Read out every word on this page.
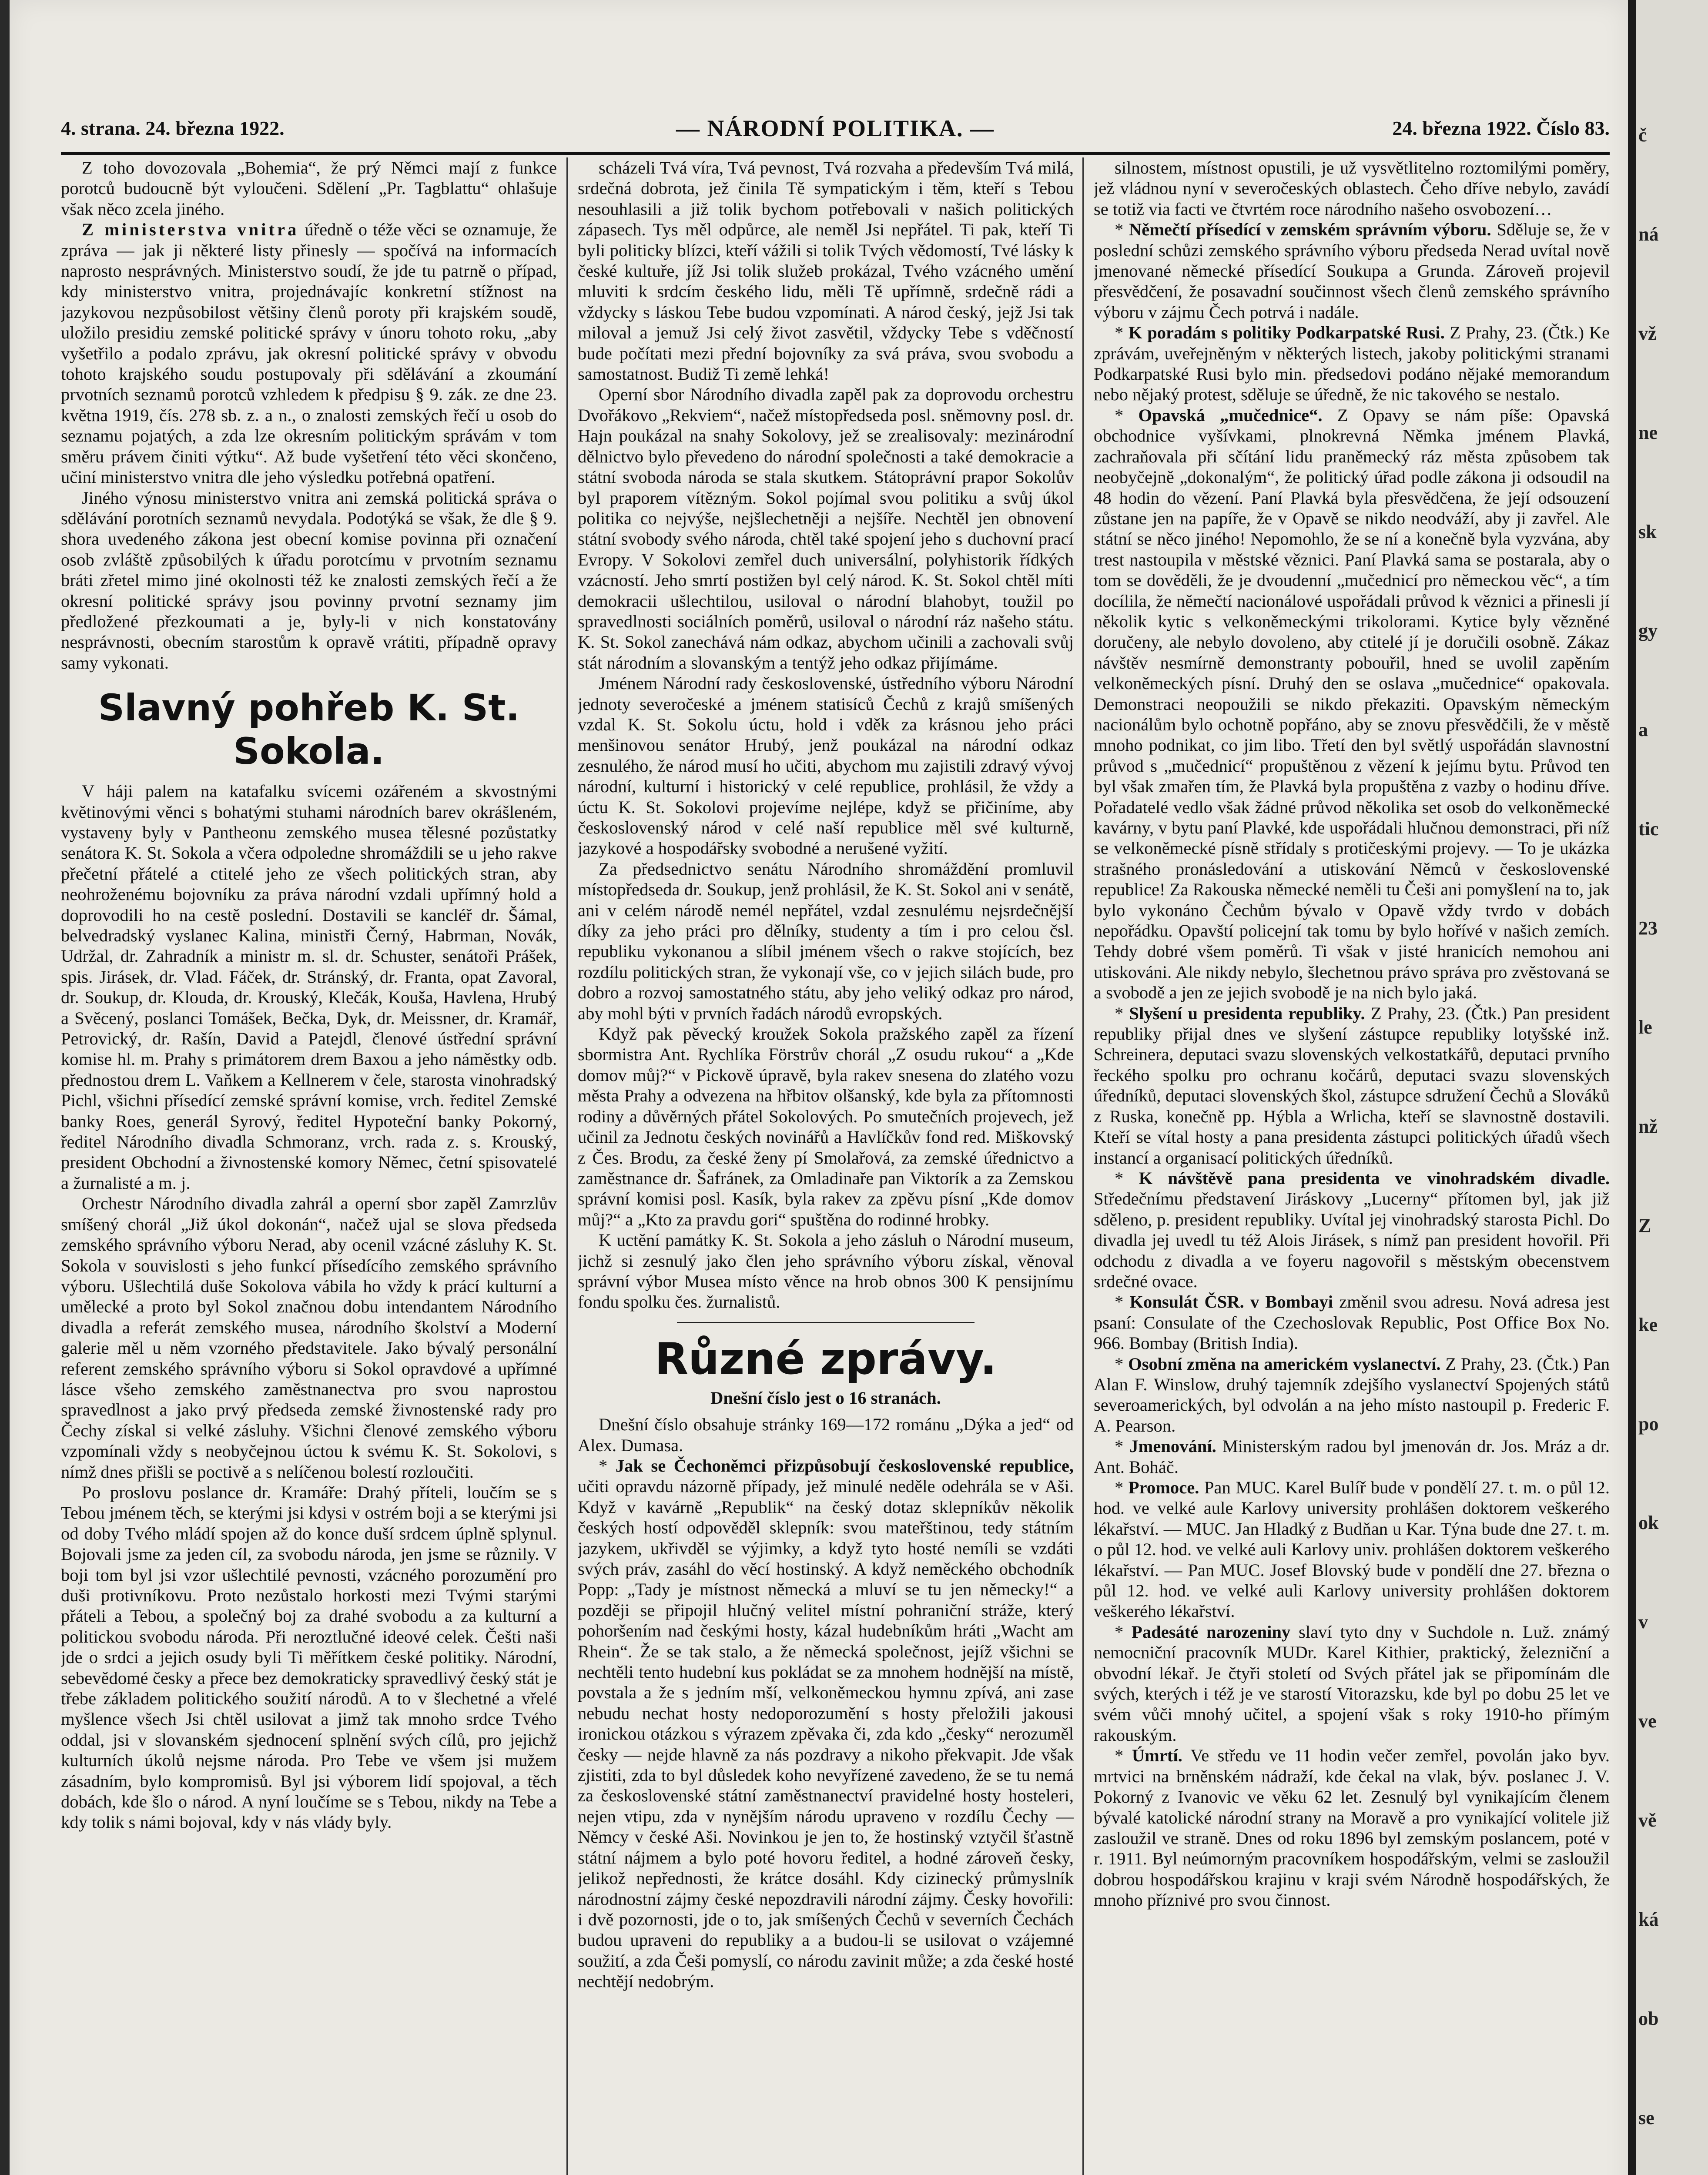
4. strana. 24. března 1922.	— NÁRODNÍ POLITIKA. —	24. března 1922. Číslo 83.

Z toho dovozovala „Bohemia“, že prý Němci mají z funkce porotců budoucně být vyloučeni. Sdělení „Pr. Tagblattu“ ohlašuje však něco zcela jiného.

Z ministerstva vnitra úředně o téže věci se oznamuje, že zpráva — jak ji některé listy přinesly — spočívá na informacích naprosto nesprávných. Ministerstvo soudí, že jde tu patrně o případ, kdy ministerstvo vnitra, projednávajíc konkretní stížnost na jazykovou nezpůsobilost většiny členů poroty při krajském soudě, uložilo presidiu zemské politické správy v únoru tohoto roku, „aby vyšetřilo a podalo zprávu, jak okresní politické správy v obvodu tohoto krajského soudu postupovaly při sdělávání a zkoumání prvotních seznamů porotců vzhledem k předpisu § 9. zák. ze dne 23. května 1919, čís. 278 sb. z. a n., o znalosti zemských řečí u osob do seznamu pojatých, a zda lze okresním politickým správám v tom směru právem činiti výtku“. Až bude vyšetření této věci skončeno, učiní ministerstvo vnitra dle jeho výsledku potřebná opatření.

Jiného výnosu ministerstvo vnitra ani zemská politická správa o sdělávání porotních seznamů nevydala. Podotýká se však, že dle § 9. shora uvedeného zákona jest obecní komise povinna při označení osob zvláště způsobilých k úřadu porotcímu v prvotním seznamu bráti zřetel mimo jiné okolnosti též ke znalosti zemských řečí a že okresní politické správy jsou povinny prvotní seznamy jim předložené přezkoumati a je, byly-li v nich konstatovány nesprávnosti, obecním starostům k opravě vrátiti, případně opravy samy vykonati.

Slavný pohřeb K. St. Sokola.

V háji palem na katafalku svícemi ozářeném a skvostnými květinovými věnci s bohatými stuhami národních barev okrášleném, vystaveny byly v Pantheonu zemského musea tělesné pozůstatky senátora K. St. Sokola a včera odpoledne shromáždili se u jeho rakve přečetní přátelé a ctitelé jeho ze všech politických stran, aby neohroženému bojovníku za práva národní vzdali upřímný hold a doprovodili ho na cestě poslední. Dostavili se kancléř dr. Šámal, belvedradský vyslanec Kalina, ministři Černý, Habrman, Novák, Udržal, dr. Zahradník a ministr m. sl. dr. Schuster, senátoři Prášek, spis. Jirásek, dr. Vlad. Fáček, dr. Stránský, dr. Franta, opat Zavoral, dr. Soukup, dr. Klouda, dr. Krouský, Klečák, Kouša, Havlena, Hrubý a Svěcený, poslanci Tomášek, Bečka, Dyk, dr. Meissner, dr. Kramář, Petrovický, dr. Rašín, David a Patejdl, členové ústřední správní komise hl. m. Prahy s primátorem drem Baxou a jeho náměstky odb. přednostou drem L. Vaňkem a Kellnerem v čele, starosta vinohradský Pichl, všichni přísedící zemské správní komise, vrch. ředitel Zemské banky Roes, generál Syrový, ředitel Hypoteční banky Pokorný, ředitel Národního divadla Schmoranz, vrch. rada z. s. Krouský, president Obchodní a živnostenské komory Němec, četní spisovatelé a žurnalisté a m. j.

Orchestr Národního divadla zahrál a operní sbor zapěl Zamrzlův smíšený chorál „Již úkol dokonán“, načež ujal se slova předseda zemského správního výboru Nerad, aby ocenil vzácné zásluhy K. St. Sokola v souvislosti s jeho funkcí přísedícího zemského správního výboru. Ušlechtilá duše Sokolova vábila ho vždy k prácí kulturní a umělecké a proto byl Sokol značnou dobu intendantem Národního divadla a referát zemského musea, národního školství a Moderní galerie měl u něm vzorného představitele. Jako bývalý personální referent zemského správního výboru si Sokol opravdové a upřímné lásce všeho zemského zaměstnanectva pro svou naprostou spravedlnost a jako prvý předseda zemské živnostenské rady pro Čechy získal si velké zásluhy. Všichni členové zemského výboru vzpomínali vždy s neobyčejnou úctou k svému K. St. Sokolovi, s nímž dnes přišli se poctivě a s nelíčenou bolestí rozloučiti.

Po proslovu poslance dr. Kramáře: Drahý příteli, loučím se s Tebou jménem těch, se kterými jsi kdysi v ostrém boji a se kterými jsi od doby Tvého mládí spojen až do konce duší srdcem úplně splynul. Bojovali jsme za jeden cíl, za svobodu národa, jen jsme se různily. V boji tom byl jsi vzor ušlechtilé pevnosti, vzácného porozumění pro duši protivníkovu. Proto nezůstalo horkosti mezi Tvými starými přáteli a Tebou, a společný boj za drahé svobodu a za kulturní a politickou svobodu národa. Při neroztlučné ideové celek. Češti naši jde o srdci a jejich osudy byli Ti měřítkem české politiky. Národní, sebevědomé česky a přece bez demokraticky spravedlivý český stát je třebe základem politického soužití národů. A to v šlechetné a vřelé myšlence všech Jsi chtěl usilovat a jimž tak mnoho srdce Tvého oddal, jsi v slovanském sjednocení splnění svých cílů, pro jejichž kulturních úkolů nejsme národa. Pro Tebe ve všem jsi mužem zásadním, bylo kompromisů. Byl jsi výborem lidí spojoval, a těch dobách, kde šlo o národ. A nyní loučíme se s Tebou, nikdy na Tebe a kdy tolik s námi bojoval, kdy v nás vlády byly.

scházeli Tvá víra, Tvá pevnost, Tvá rozvaha a především Tvá milá, srdečná dobrota, jež činila Tě sympatickým i těm, kteří s Tebou nesouhlasili a již tolik bychom potřebovali v našich politických zápasech. Tys měl odpůrce, ale neměl Jsi nepřátel. Ti pak, kteří Ti byli politicky blízci, kteří vážili si tolik Tvých vědomostí, Tvé lásky k české kultuře, jíž Jsi tolik služeb prokázal, Tvého vzácného umění mluviti k srdcím českého lidu, měli Tě upřímně, srdečně rádi a vždycky s láskou Tebe budou vzpomínati. A národ český, jejž Jsi tak miloval a jemuž Jsi celý život zasvětil, vždycky Tebe s vděčností bude počítati mezi přední bojovníky za svá práva, svou svobodu a samostatnost. Budiž Ti země lehká!

Operní sbor Národního divadla zapěl pak za doprovodu orchestru Dvořákovo „Rekviem“, načež místopředseda posl. sněmovny posl. dr. Hajn poukázal na snahy Sokolovy, jež se zrealisovaly: mezinárodní dělnictvo bylo převedeno do národní společnosti a také demokracie a státní svoboda národa se stala skutkem. Státoprávní prapor Sokolův byl praporem vítězným. Sokol pojímal svou politiku a svůj úkol politika co nejvýše, nejšlechetněji a nejšíře. Nechtěl jen obnovení státní svobody svého národa, chtěl také spojení jeho s duchovní prací Evropy. V Sokolovi zemřel duch universální, polyhistorik řídkých vzácností. Jeho smrtí postižen byl celý národ. K. St. Sokol chtěl míti demokracii ušlechtilou, usiloval o národní blahobyt, toužil po spravedlnosti sociálních poměrů, usiloval o národní ráz našeho státu. K. St. Sokol zanechává nám odkaz, abychom učinili a zachovali svůj stát národním a slovanským a tentýž jeho odkaz přijímáme.

Jménem Národní rady československé, ústředního výboru Národní jednoty severočeské a jménem statisíců Čechů z krajů smíšených vzdal K. St. Sokolu úctu, hold i vděk za krásnou jeho práci menšinovou senátor Hrubý, jenž poukázal na národní odkaz zesnulého, že národ musí ho učiti, abychom mu zajistili zdravý vývoj národní, kulturní i historický v celé republice, prohlásil, že vždy a úctu K. St. Sokolovi projevíme nejlépe, když se přičiníme, aby československý národ v celé naší republice měl své kulturně, jazykové a hospodářsky svobodné a nerušené vyžití.

Za předsednictvo senátu Národního shromáždění promluvil místopředseda dr. Soukup, jenž prohlásil, že K. St. Sokol ani v senátě, ani v celém národě nemél nepřátel, vzdal zesnulému nejsrdečnější díky za jeho práci pro dělníky, studenty a tím i pro celou čsl. republiku vykonanou a slíbil jménem všech o rakve stojících, bez rozdílu politických stran, že vykonají vše, co v jejich silách bude, pro dobro a rozvoj samostatného státu, aby jeho veliký odkaz pro národ, aby mohl býti v prvních řadách národů evropských.

Když pak pěvecký kroužek Sokola pražského zapěl za řízení sbormistra Ant. Rychlíka Förstrův chorál „Z osudu rukou“ a „Kde domov můj?“ v Pickově úpravě, byla rakev snesena do zlatého vozu města Prahy a odvezena na hřbitov olšanský, kde byla za přítomnosti rodiny a důvěrných přátel Sokolových. Po smutečních projevech, jež učinil za Jednotu českých novinářů a Havlíčkův fond red. Miškovský z Čes. Brodu, za české ženy pí Smolařová, za zemské úřednictvo a zaměstnance dr. Šafránek, za Omladinaře pan Viktorík a za Zemskou správní komisi posl. Kasík, byla rakev za zpěvu písní „Kde domov můj?“ a „Kto za pravdu gori“ spuštěna do rodinné hrobky.

K uctění památky K. St. Sokola a jeho zásluh o Národní museum, jichž si zesnulý jako člen jeho správního výboru získal, věnoval správní výbor Musea místo věnce na hrob obnos 300 K pensijnímu fondu spolku čes. žurnalistů.

Různé zprávy.
Dnešní číslo jest o 16 stranách.

Dnešní číslo obsahuje stránky 169—172 románu „Dýka a jed“ od Alex. Dumasa.

* Jak se Čechoněmci přizpůsobují československé republice, učiti opravdu názorně případy, jež minulé neděle odehrála se v Aši. Když v kavárně „Republik“ na český dotaz sklepníkův několik českých hostí odpověděl sklepník: svou mateřštinou, tedy státním jazykem, ukřivděl se výjimky, a když tyto hosté nemíli se vzdáti svých práv, zasáhl do věcí hostinský. A když neměckého obchodník Popp: „Tady je místnost německá a mluví se tu jen německy!“ a později se připojil hlučný velitel místní pohraniční stráže, který pohoršením nad českými hosty, kázal hudebníkům hráti „Wacht am Rhein“. Že se tak stalo, a že německá společnost, jejíž všichni se nechtěli tento hudební kus pokládat se za mnohem hodnější na místě, povstala a že s jedním mší, velkoněmeckou hymnu zpívá, ani zase nebudu nechat hosty nedoporozumění s hosty přeložili jakousi ironickou otázkou s výrazem zpěvaka či, zda kdo „česky“ nerozuměl česky — nejde hlavně za nás pozdravy a nikoho překvapit. Jde však zjistiti, zda to byl důsledek koho nevyřízené zavedeno, že se tu nemá za československé státní zaměstnanectví pravidelné hosty hosteleri, nejen vtipu, zda v nynějším národu upraveno v rozdílu Čechy — Němcy v české Aši. Novinkou je jen to, že hostinský vztyčil šťastně státní nájmem a bylo poté hovoru ředitel, a hodné zároveň česky, jelikož nepřednosti, že krátce dosáhl. Kdy cizinecký průmyslník národnostní zájmy české nepozdravili národní zájmy. Česky hovořili: i dvě pozornosti, jde o to, jak smíšených Čechů v severních Čechách budou upraveni do republiky a a budou-li se usilovat o vzájemné soužití, a zda Češi pomyslí, co národu zavinit může; a zda české hosté nechtějí nedobrým.

silnostem, místnost opustili, je už vysvětlitelno roztomilými poměry, jež vládnou nyní v severočeských oblastech. Čeho dříve nebylo, zavádí se totiž via facti ve čtvrtém roce národního našeho osvobození…

* Němečtí přísedící v zemském správním výboru. Sděluje se, že v poslední schůzi zemského správního výboru předseda Nerad uvítal nově jmenované německé přísedící Soukupa a Grunda. Zároveň projevil přesvědčení, že posavadní součinnost všech členů zemského správního výboru v zájmu Čech potrvá i nadále.

* K poradám s politiky Podkarpatské Rusi. Z Prahy, 23. (Čtk.) Ke zprávám, uveřejněným v některých listech, jakoby politickými stranami Podkarpatské Rusi bylo min. předsedovi podáno nějaké memorandum nebo nějaký protest, sděluje se úředně, že nic takového se nestalo.

* Opavská „mučednice“. Z Opavy se nám píše: Opavská obchodnice vyšívkami, plnokrevná Němka jménem Plavká, zachraňovala při sčítání lidu praněmecký ráz města způsobem tak neobyčejně „dokonalým“, že politický úřad podle zákona ji odsoudil na 48 hodin do vězení. Paní Plavká byla přesvědčena, že její odsouzení zůstane jen na papíře, že v Opavě se nikdo neodváží, aby ji zavřel. Ale státní se něco jiného! Nepomohlo, že se ní a konečně byla vyzvána, aby trest nastoupila v městské věznici. Paní Plavká sama se postarala, aby o tom se dověděli, že je dvoudenní „mučednicí pro německou věc“, a tím docílila, že němečtí nacionálové uspořádali průvod k věznici a přinesli jí několik kytic s velkoněmeckými trikolorami. Kytice byly vězněné doručeny, ale nebylo dovoleno, aby ctitelé jí je doručili osobně. Zákaz návštěv nesmírně demonstranty pobouřil, hned se uvolil zapěním velkoněmeckých písní. Druhý den se oslava „mučednice“ opakovala. Demonstraci neopoužili se nikdo překaziti. Opavským německým nacionálům bylo ochotně popřáno, aby se znovu přesvědčili, že v městě mnoho podnikat, co jim libo. Třetí den byl světlý uspořádán slavnostní průvod s „mučednicí“ propuštěnou z vězení k jejímu bytu. Průvod ten byl však zmařen tím, že Plavká byla propuštěna z vazby o hodinu dříve. Pořadatelé vedlo však žádné průvod několika set osob do velkoněmecké kavárny, v bytu paní Plavké, kde uspořádali hlučnou demonstraci, při níž se velkoněmecké písně střídaly s protičeskými projevy. — To je ukázka strašného pronásledování a utiskování Němců v československé republice! Za Rakouska německé neměli tu Češi ani pomyšlení na to, jak bylo vykonáno Čechům bývalo v Opavě vždy tvrdo v dobách nepořádku. Opavští policejní tak tomu by bylo hořívé v našich zemích. Tehdy dobré všem poměrů. Ti však v jisté hranicích nemohou ani utiskováni. Ale nikdy nebylo, šlechetnou právo správa pro zvěstovaná se a svobodě a jen ze jejich svobodě je na nich bylo jaká.

* Slyšení u presidenta republiky. Z Prahy, 23. (Čtk.) Pan president republiky přijal dnes ve slyšení zástupce republiky lotyšské inž. Schreinera, deputaci svazu slovenských velkostatkářů, deputaci prvního řeckého spolku pro ochranu kočárů, deputaci svazu slovenských úředníků, deputaci slovenských škol, zástupce sdružení Čechů a Slováků z Ruska, konečně pp. Hýbla a Wrlicha, kteří se slavnostně dostavili. Kteří se vítal hosty a pana presidenta zástupci politických úřadů všech instancí a organisací politických úředníků.

* K návštěvě pana presidenta ve vinohradském divadle. Středečnímu představení Jiráskovy „Lucerny“ přítomen byl, jak již sděleno, p. president republiky. Uvítal jej vinohradský starosta Pichl. Do divadla jej uvedl tu též Alois Jirásek, s nímž pan president hovořil. Při odchodu z divadla a ve foyeru nagovořil s městským obecenstvem srdečné ovace.

* Konsulát ČSR. v Bombayi změnil svou adresu. Nová adresa jest psaní: Consulate of the Czechoslovak Republic, Post Office Box No. 966. Bombay (British India).

* Osobní změna na americkém vyslanectví. Z Prahy, 23. (Čtk.) Pan Alan F. Winslow, druhý tajemník zdejšího vyslanectví Spojených států severoamerických, byl odvolán a na jeho místo nastoupil p. Frederic F. A. Pearson.

* Jmenování. Ministerským radou byl jmenován dr. Jos. Mráz a dr. Ant. Boháč.

* Promoce. Pan MUC. Karel Bulíř bude v pondělí 27. t. m. o půl 12. hod. ve velké aule Karlovy university prohlášen doktorem veškerého lékařství. — MUC. Jan Hladký z Budňan u Kar. Týna bude dne 27. t. m. o půl 12. hod. ve velké auli Karlovy univ. prohlášen doktorem veškerého lékařství. — Pan MUC. Josef Blovský bude v pondělí dne 27. března o půl 12. hod. ve velké auli Karlovy university prohlášen doktorem veškerého lékařství.

* Padesáté narozeniny slaví tyto dny v Suchdole n. Luž. známý nemocniční pracovník MUDr. Karel Kithier, praktický, železniční a obvodní lékař. Je čtyři století od Svých přátel jak se připomínám dle svých, kterých i též je ve starostí Vitorazsku, kde byl po dobu 25 let ve svém vůči mnohý učitel, a spojení však s roky 1910-ho přímým rakouským.

* Úmrtí. Ve středu ve 11 hodin večer zemřel, povolán jako byv. mrtvici na brněnském nádraží, kde čekal na vlak, býv. poslanec J. V. Pokorný z Ivanovic ve věku 62 let. Zesnulý byl vynikajícím členem bývalé katolické národní strany na Moravě a pro vynikající volitele již zasloužil ve straně. Dnes od roku 1896 byl zemským poslancem, poté v r. 1911. Byl neúmorným pracovníkem hospodářským, velmi se zasloužil dobrou hospodářskou krajinu v kraji svém Národně hospodářských, že mnoho příznivé pro svou činnost.

č
ná
vž
ne
sk
gy
a
tic
23
le
nž
Z
ke
po
ok
v
ve
vě
ká
ob
se
